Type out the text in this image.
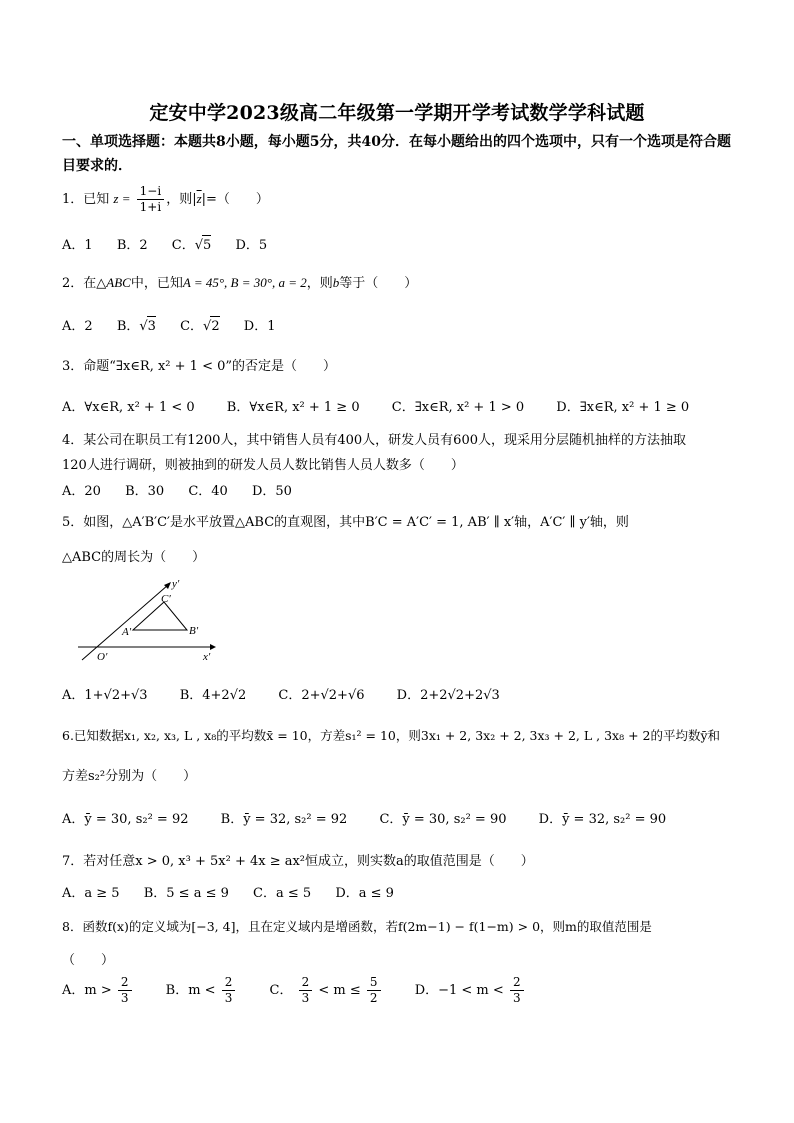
定安中学2023级高二年级第一学期开学考试数学学科试题
一、单项选择题：本题共8小题，每小题5分，共40分．在每小题给出的四个选项中，只有一个选项是符合题目要求的．
1．已知 $z = \frac{1-i}{1+i}$ ，则$|\overline{z}|=$（　　）
A．1 B．2 C．√5 D．5
2．在△ABC中，已知A = 45°, B = 30°, a = 2，则b等于（　　）
A．2 B．√3 C．√2 D．1
3．命题“∃x∈R, x² + 1 < 0”的否定是（　　）
A．∀x∈R, x² + 1 < 0 B．∀x∈R, x² + 1 ≥ 0 C．∃x∈R, x² + 1 > 0 D．∃x∈R, x² + 1 ≥ 0
4．某公司在职员工有1200人，其中销售人员有400人，研发人员有600人，现采用分层随机抽样的方法抽取
120人进行调研，则被抽到的研发人员人数比销售人员人数多（　　）
A．20 B．30 C．40 D．50
5．如图，△A′B′C′是水平放置△ABC的直观图，其中B′C = A′C′ = 1, AB′ ∥ x′轴，A′C′ ∥ y′轴，则
△ABC的周长为（　　）
y′
C′
A′	B′
O′	x′
A．1+√2+√3 B．4+2√2 C．2+√2+√6 D．2+2√2+2√3
6.已知数据x₁, x₂, x₃, L , x₈的平均数x̄ = 10，方差s₁² = 10，则3x₁ + 2, 3x₂ + 2, 3x₃ + 2, L , 3x₈ + 2的平均数ȳ和
方差s₂²分别为（　　）
A．ȳ = 30, s₂² = 92 B．ȳ = 32, s₂² = 92 C．ȳ = 30, s₂² = 90 D．ȳ = 32, s₂² = 90
7．若对任意x > 0, x³ + 5x² + 4x ≥ ax²恒成立，则实数a的取值范围是（　　）
A．a ≥ 5 B．5 ≤ a ≤ 9 C．a ≤ 5 D．a ≤ 9
8．函数f(x)的定义域为[−3, 4]，且在定义域内是增函数，若f(2m−1) − f(1−m) > 0，则m的取值范围是
（　　）
A．$m > \frac{2}{3}$	B．$m < \frac{2}{3}$	C． $\frac{2}{3} < m \le \frac{5}{2}$	D．$-1 < m < \frac{2}{3}$
